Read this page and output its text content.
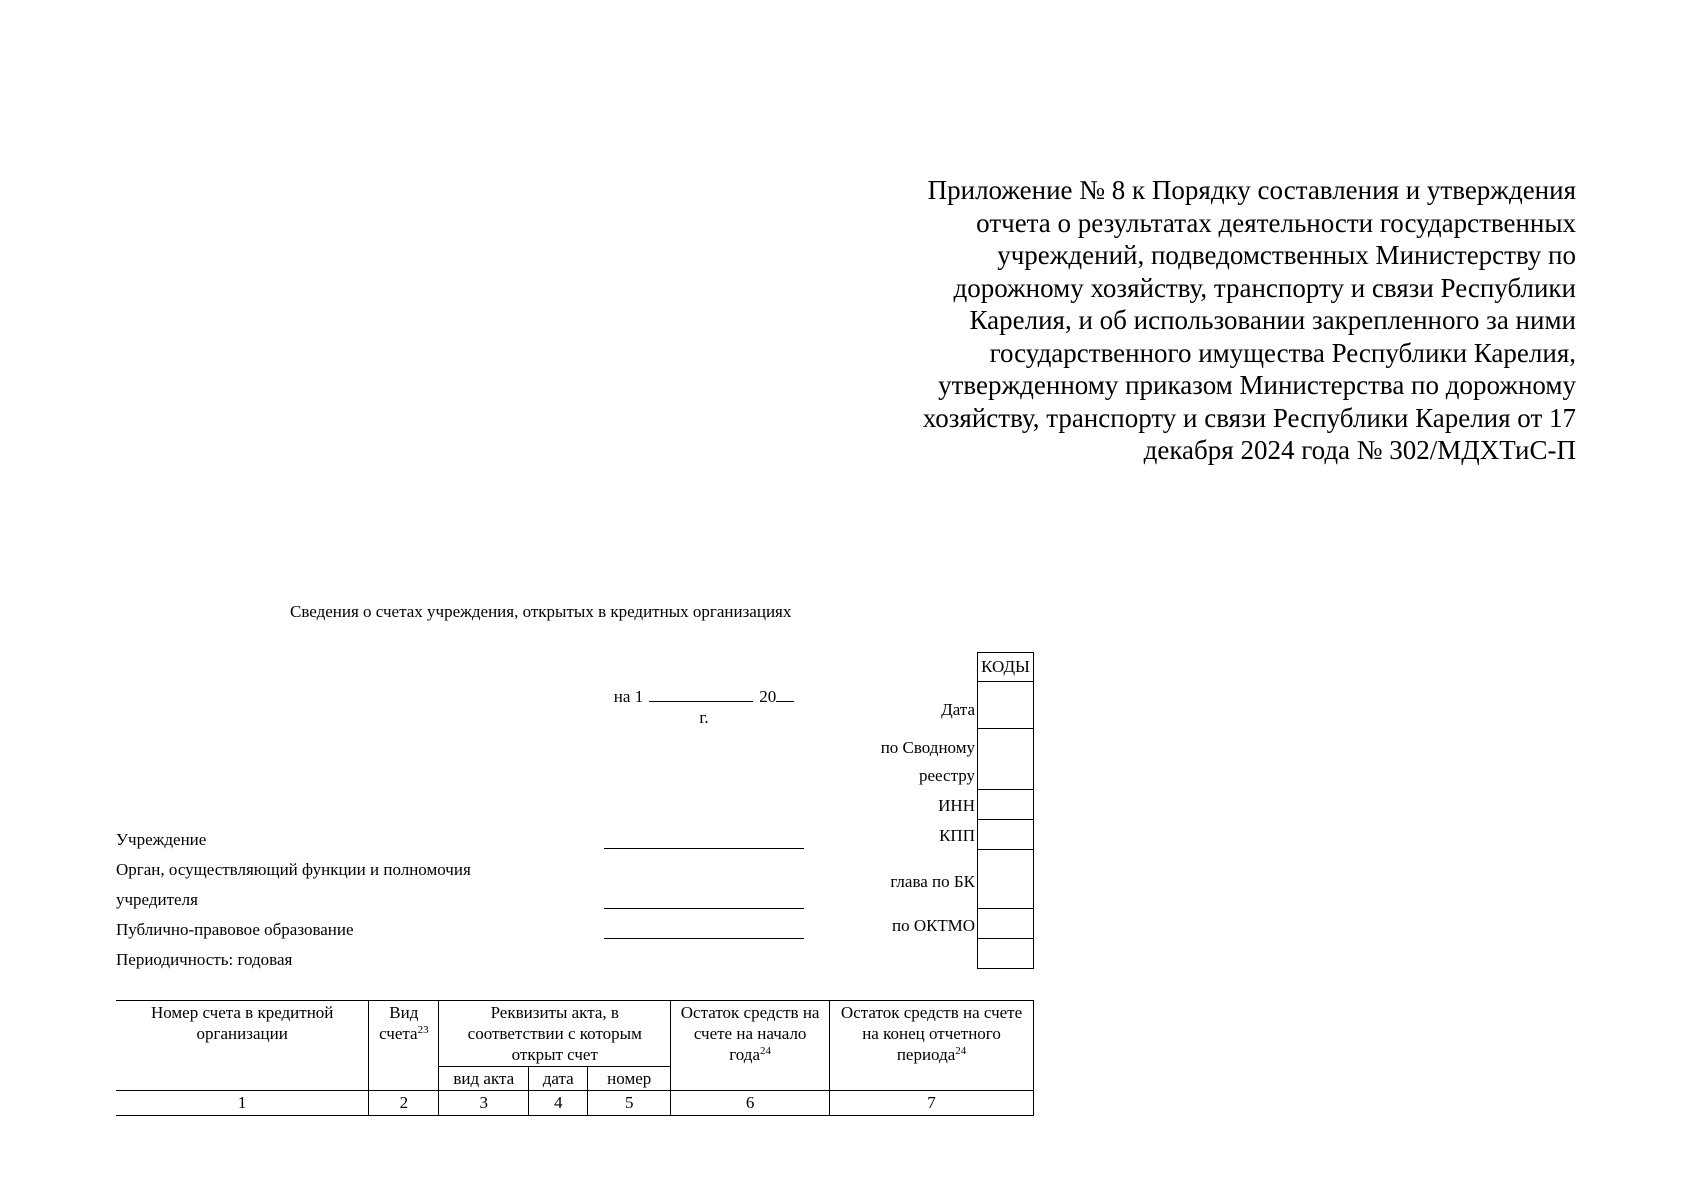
Приложение № 8 к Порядку составления и утверждения
отчета о результатах деятельности государственных
учреждений, подведомственных Министерству по
дорожному хозяйству, транспорту и связи Республики
Карелия, и об использовании закрепленного за ними
государственного имущества Республики Карелия,
утвержденному приказом Министерства по дорожному
хозяйству, транспорту и связи Республики Карелия от 17
декабря 2024 года № 302/МДХТиС-П
Сведения о счетах учреждения, открытых в кредитных организациях
на 1	20
г.
Учреждение
Орган, осуществляющий функции и полномочия
учредителя
Публично-правовое образование
Периодичность: годовая
КОДЫ
Дата
по Сводному
реестру
ИНН
КПП
глава по БК
по ОКТМО
Номер счета в кредитной организации	Вид счета$^{23}$	Реквизиты акта, в соответствии с которым открыт счет			Остаток средств на счете на начало года$^{24}$	Остаток средств на счете на конец отчетного периода$^{24}$
		вид акта	дата	номер		
1	2	3	4	5	6	7
